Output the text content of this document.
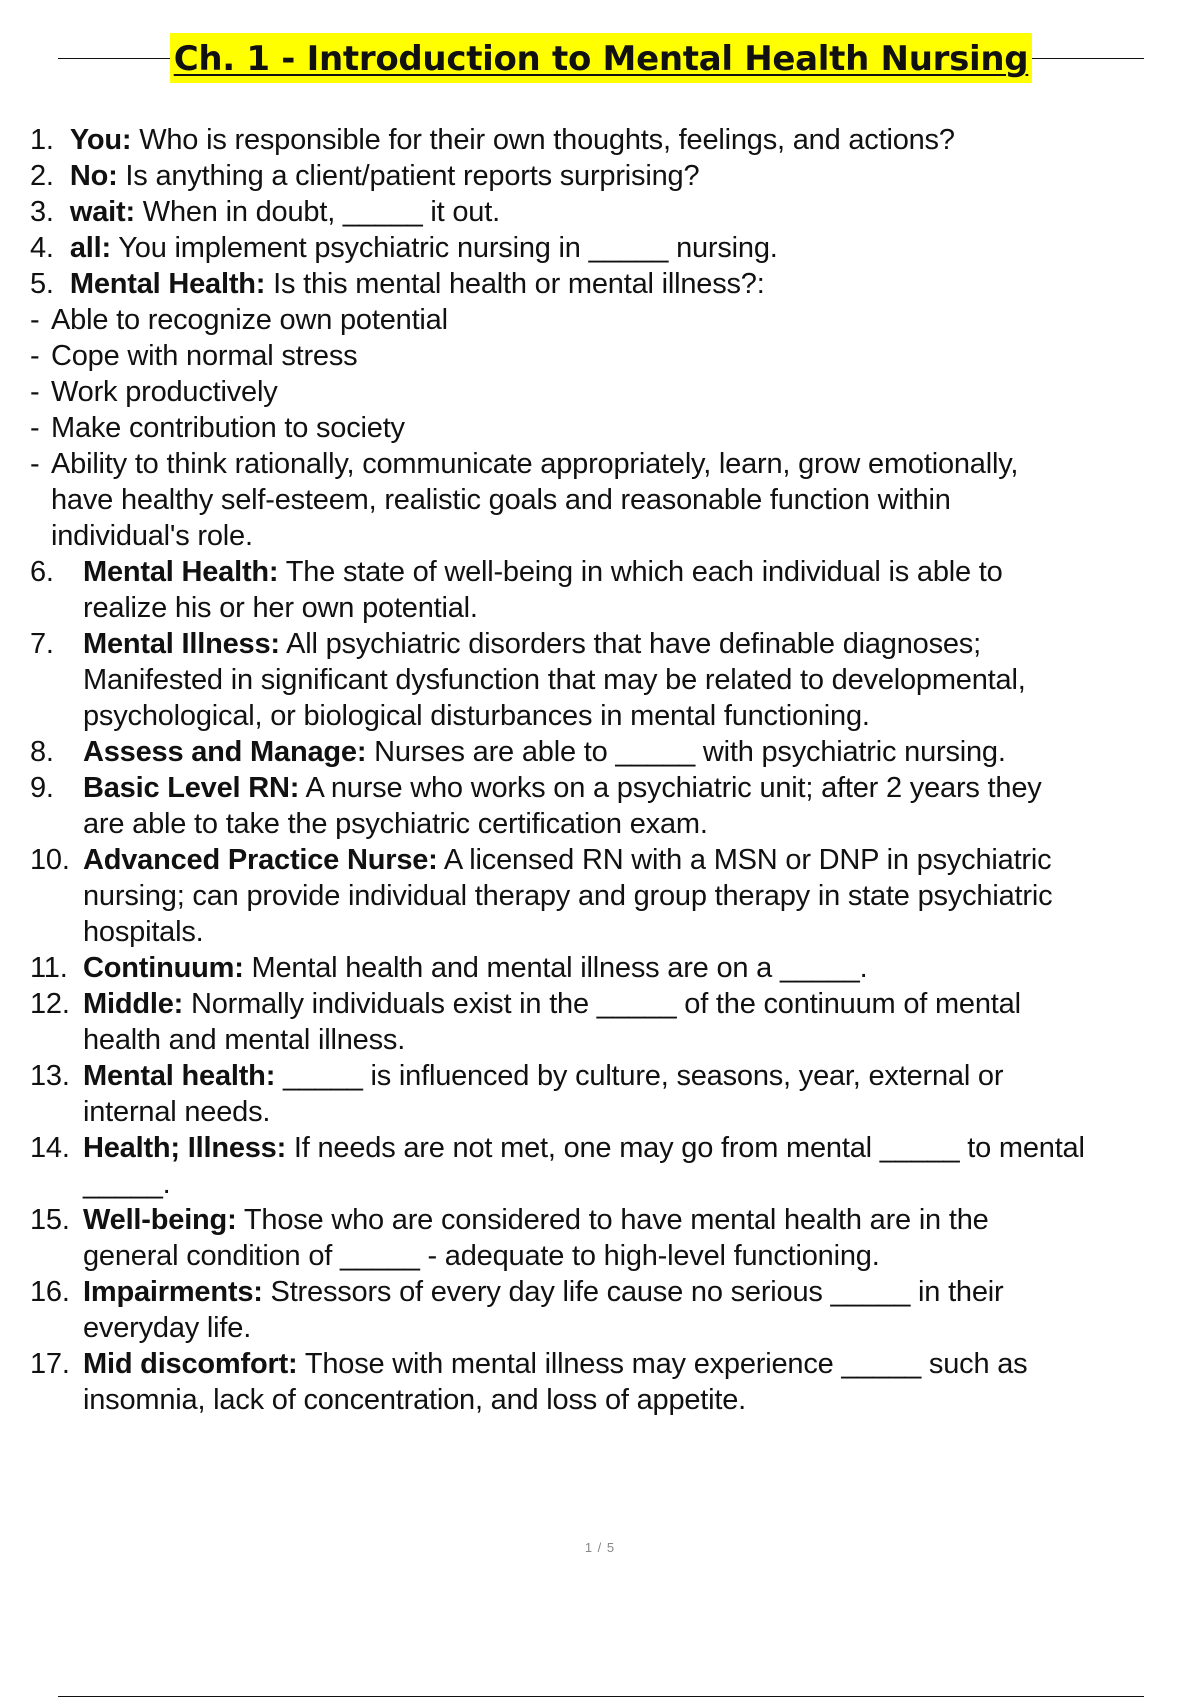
Ch. 1 - Introduction to Mental Health Nursing
1.
You: Who is responsible for their own thoughts, feelings, and actions?
2.
No: Is anything a client/patient reports surprising?
3.
wait: When in doubt, _____ it out.
4.
all: You implement psychiatric nursing in _____ nursing.
5.
Mental Health: Is this mental health or mental illness?:
- Able to recognize own potential
- Cope with normal stress
- Work productively
- Make contribution to society
- Ability to think rationally, communicate appropriately, learn, grow emotionally,
have healthy self-esteem, realistic goals and reasonable function within
individual's role.
6.	Mental Health: The state of well-being in which each individual is able to
realize his or her own potential.
7.	Mental Illness: All psychiatric disorders that have definable diagnoses;
Manifested in significant dysfunction that may be related to developmental,
psychological, or biological disturbances in mental functioning.
8.	Assess and Manage: Nurses are able to _____ with psychiatric nursing.
9.	Basic Level RN: A nurse who works on a psychiatric unit; after 2 years they
are able to take the psychiatric certification exam.
10. Advanced Practice Nurse: A licensed RN with a MSN or DNP in psychiatric
nursing; can provide individual therapy and group therapy in state psychiatric
hospitals.
11. Continuum: Mental health and mental illness are on a _____.
12. Middle: Normally individuals exist in the _____ of the continuum of mental
health and mental illness.
13. Mental health: _____ is influenced by culture, seasons, year, external or
internal needs.
14. Health; Illness: If needs are not met, one may go from mental _____ to mental
_____.
15. Well-being: Those who are considered to have mental health are in the
general condition of _____ - adequate to high-level functioning.
16. Impairments: Stressors of every day life cause no serious _____ in their
everyday life.
17. Mid discomfort: Those with mental illness may experience _____ such as
insomnia, lack of concentration, and loss of appetite.
1 / 5
